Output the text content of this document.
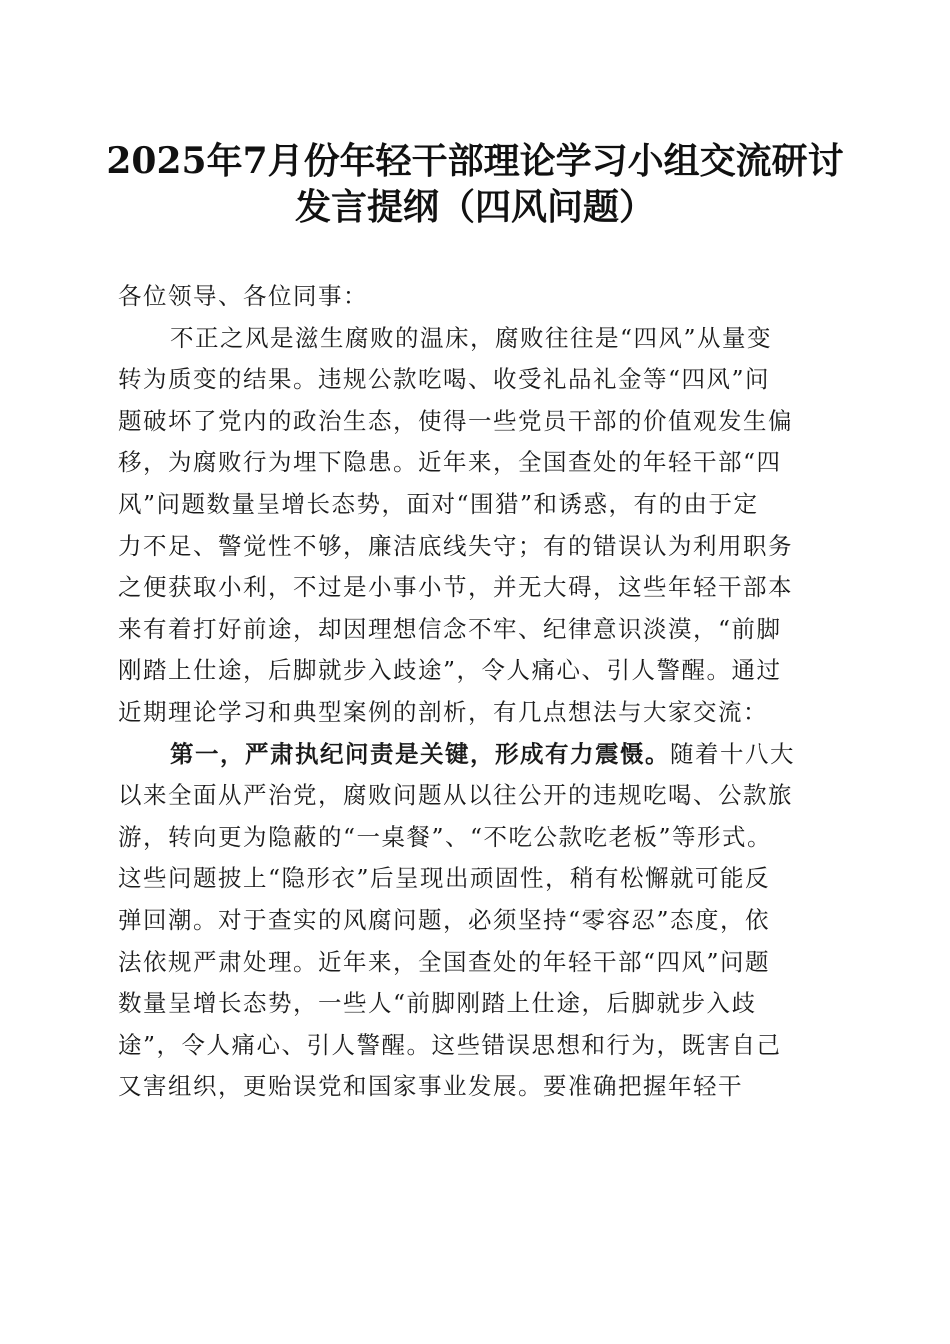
2025年7月份年轻干部理论学习小组交流研讨
发言提纲（四风问题）
各位领导、各位同事：
不正之风是滋生腐败的温床，腐败往往是“四风”从量变
转为质变的结果。违规公款吃喝、收受礼品礼金等“四风”问
题破坏了党内的政治生态，使得一些党员干部的价值观发生偏
移，为腐败行为埋下隐患。近年来，全国查处的年轻干部“四
风”问题数量呈增长态势，面对“围猎”和诱惑，有的由于定
力不足、警觉性不够，廉洁底线失守；有的错误认为利用职务
之便获取小利，不过是小事小节，并无大碍，这些年轻干部本
来有着打好前途，却因理想信念不牢、纪律意识淡漠，“前脚
刚踏上仕途，后脚就步入歧途”，令人痛心、引人警醒。通过
近期理论学习和典型案例的剖析，有几点想法与大家交流：
第一，严肃执纪问责是关键，形成有力震慑。随着十八大
以来全面从严治党，腐败问题从以往公开的违规吃喝、公款旅
游，转向更为隐蔽的“一桌餐”、“不吃公款吃老板”等形式。
这些问题披上“隐形衣”后呈现出顽固性，稍有松懈就可能反
弹回潮。对于查实的风腐问题，必须坚持“零容忍”态度，依
法依规严肃处理。近年来，全国查处的年轻干部“四风”问题
数量呈增长态势，一些人“前脚刚踏上仕途，后脚就步入歧
途”，令人痛心、引人警醒。这些错误思想和行为，既害自己
又害组织，更贻误党和国家事业发展。要准确把握年轻干
